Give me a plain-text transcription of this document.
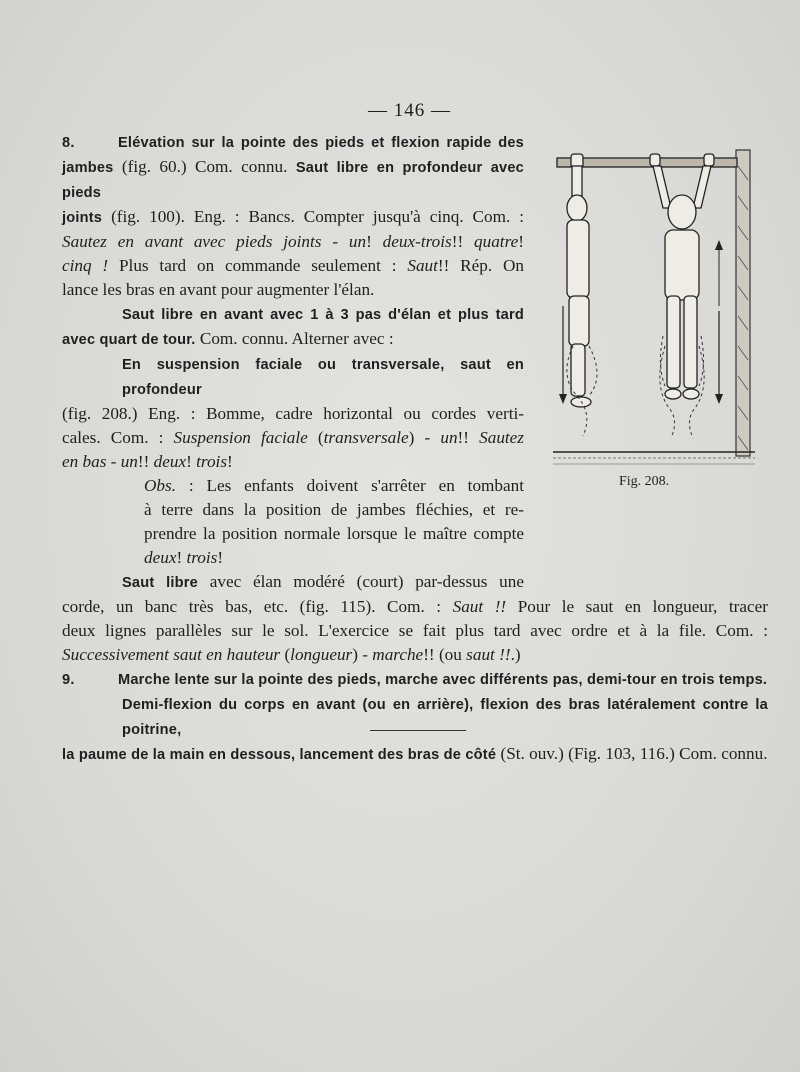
— 146 —
Fig. 208.
8.	Elévation sur la pointe des pieds et flexion rapide des
jambes (fig. 60.) Com. connu. Saut libre en profondeur avec pieds
joints (fig. 100). Eng. : Bancs. Compter jusqu'à cinq. Com. :
Sautez en avant avec pieds joints - un! deux-trois!! quatre!
cinq ! Plus tard on commande seulement : Saut!! Rép. On
lance les bras en avant pour augmenter l'élan.
Saut libre en avant avec 1 à 3 pas d'élan et plus tard
avec quart de tour. Com. connu. Alterner avec :
En suspension faciale ou transversale, saut en profondeur
(fig. 208.) Eng. : Bomme, cadre horizontal ou cordes verti-
cales. Com. : Suspension faciale (transversale) - un!! Sautez
en bas - un!! deux! trois!
Obs. : Les enfants doivent s'arrêter en tombant
à terre dans la position de jambes fléchies, et re-
prendre la position normale lorsque le maître compte
deux! trois!
Saut libre avec élan modéré (court) par-dessus une
corde, un banc très bas, etc. (fig. 115). Com. : Saut !! Pour le saut en longueur, tracer
deux lignes parallèles sur le sol. L'exercice se fait plus tard avec ordre et à la file. Com. :
Successivement saut en hauteur (longueur) - marche!! (ou saut !!.)
9.	Marche lente sur la pointe des pieds, marche avec différents pas, demi-tour en trois temps.
Demi-flexion du corps en avant (ou en arrière), flexion des bras latéralement contre la poitrine,
la paume de la main en dessous, lancement des bras de côté (St. ouv.) (Fig. 103, 116.) Com. connu.
